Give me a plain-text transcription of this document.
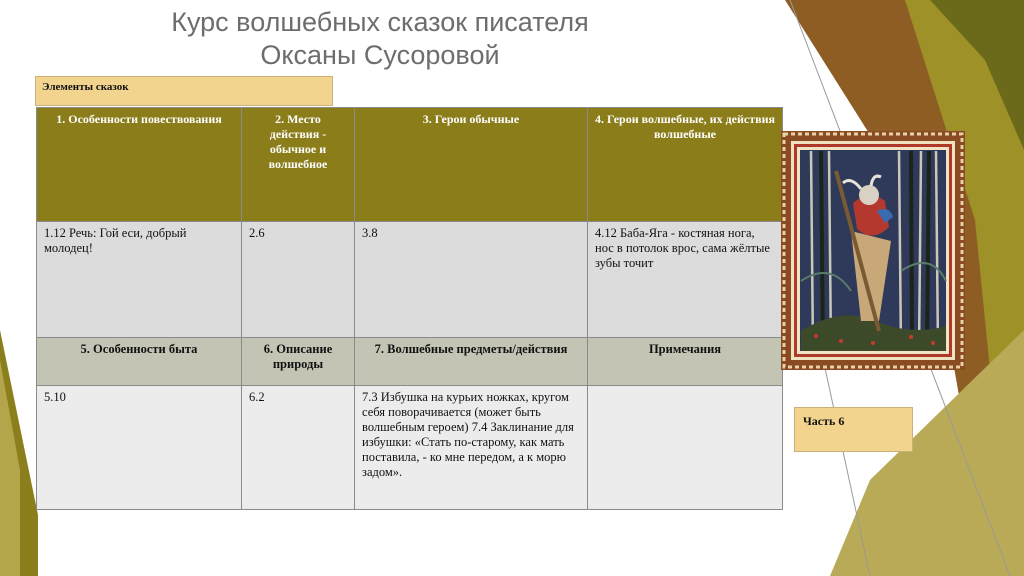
Курс волшебных сказок писателя
Оксаны Сусоровой
Элементы сказок
1. Особенности повествования	2. Место действия - обычное и волшебное	3. Герои обычные	4. Герои волшебные, их действия волшебные
1.12 Речь: Гой еси, добрый молодец!	2.6	3.8	4.12 Баба-Яга - костяная нога, нос в потолок врос, сама жёлтые зубы точит
5. Особенности быта	6. Описание природы	7. Волшебные предметы/действия	Примечания
5.10	6.2	7.3 Избушка на курьих ножках, кругом себя поворачивается (может быть волшебным героем) 7.4 Заклинание для избушки: «Стать по-старому, как мать поставила, - ко мне передом, а к морю задом».	
Часть 6
